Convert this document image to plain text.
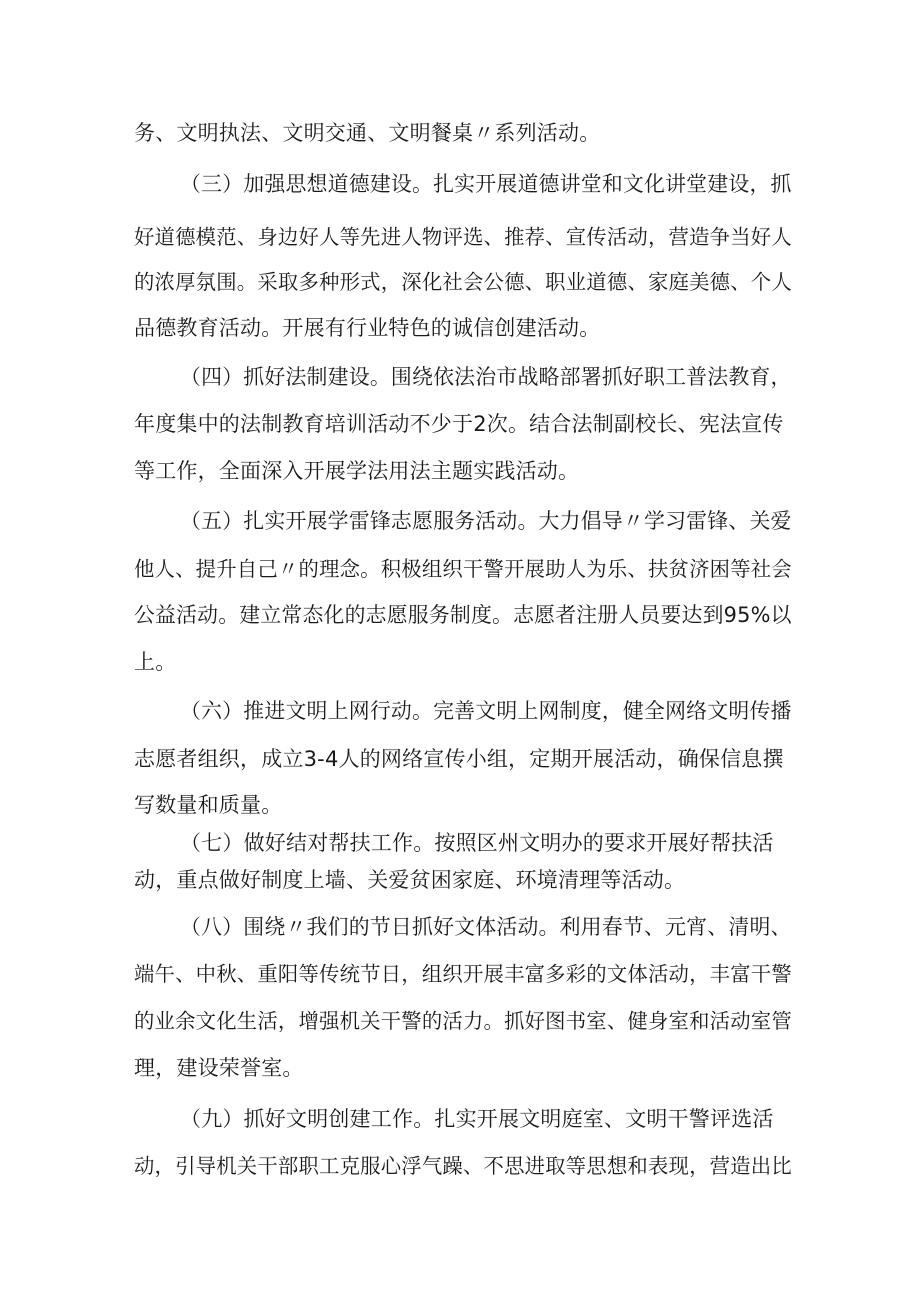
务、文明执法、文明交通、文明餐桌〃系列活动。
（三）加强思想道德建设。扎实开展道德讲堂和文化讲堂建设，抓
好道德模范、身边好人等先进人物评选、推荐、宣传活动，营造争当好人
的浓厚氛围。采取多种形式，深化社会公德、职业道德、家庭美德、个人
品德教育活动。开展有行业特色的诚信创建活动。
（四）抓好法制建设。围绕依法治市战略部署抓好职工普法教育，
年度集中的法制教育培训活动不少于2次。结合法制副校长、宪法宣传
等工作，全面深入开展学法用法主题实践活动。
（五）扎实开展学雷锋志愿服务活动。大力倡导〃学习雷锋、关爱
他人、提升自己〃的理念。积极组织干警开展助人为乐、扶贫济困等社会
公益活动。建立常态化的志愿服务制度。志愿者注册人员要达到95%以
上。
（六）推进文明上网行动。完善文明上网制度，健全网络文明传播
志愿者组织，成立3-4人的网络宣传小组，定期开展活动，确保信息撰
写数量和质量。
（七）做好结对帮扶工作。按照区州文明办的要求开展好帮扶活
动，重点做好制度上墙、关爱贫困家庭、环境清理等活动。
（八）围绕〃我们的节日抓好文体活动。利用春节、元宵、清明、
端午、中秋、重阳等传统节日，组织开展丰富多彩的文体活动，丰富干警
的业余文化生活，增强机关干警的活力。抓好图书室、健身室和活动室管
理，建设荣誉室。
（九）抓好文明创建工作。扎实开展文明庭室、文明干警评选活
动，引导机关干部职工克服心浮气躁、不思进取等思想和表现，营造出比
